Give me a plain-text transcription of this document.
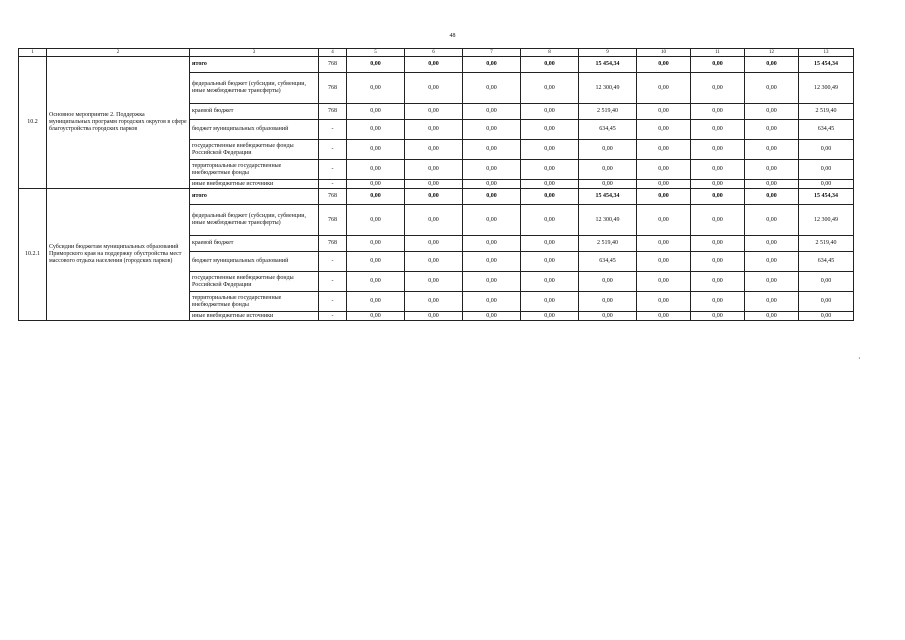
48
1	2	3	4	5	6	7	8	9	10	11	12	13
10.2	Основное мероприятие 2. Поддержка муниципальных программ городских округов в сфере благоустройства городских парков	итого	768	0,00	0,00	0,00	0,00	15 454,34	0,00	0,00	0,00	15 454,34
		федеральный бюджет (субсидии, субвенции, иные межбюджетные трансферты)	768	0,00	0,00	0,00	0,00	12 300,49	0,00	0,00	0,00	12 300,49
		краевой бюджет	768	0,00	0,00	0,00	0,00	2 519,40	0,00	0,00	0,00	2 519,40
		бюджет муниципальных образований	-	0,00	0,00	0,00	0,00	634,45	0,00	0,00	0,00	634,45
		государственные внебюджетные фонды Российской Федерации	-	0,00	0,00	0,00	0,00	0,00	0,00	0,00	0,00	0,00
		территориальные государственные внебюджетные фонды	-	0,00	0,00	0,00	0,00	0,00	0,00	0,00	0,00	0,00
		иные внебюджетные источники	-	0,00	0,00	0,00	0,00	0,00	0,00	0,00	0,00	0,00
10.2.1	Субсидии бюджетам муниципальных образований Приморского края на поддержку обустройства мест массового отдыха населения (городских парков)	итого	768	0,00	0,00	0,00	0,00	15 454,34	0,00	0,00	0,00	15 454,34
		федеральный бюджет (субсидии, субвенции, иные межбюджетные трансферты)	768	0,00	0,00	0,00	0,00	12 300,49	0,00	0,00	0,00	12 300,49
		краевой бюджет	768	0,00	0,00	0,00	0,00	2 519,40	0,00	0,00	0,00	2 519,40
		бюджет муниципальных образований	-	0,00	0,00	0,00	0,00	634,45	0,00	0,00	0,00	634,45
		государственные внебюджетные фонды Российской Федерации	-	0,00	0,00	0,00	0,00	0,00	0,00	0,00	0,00	0,00
		территориальные государственные внебюджетные фонды	-	0,00	0,00	0,00	0,00	0,00	0,00	0,00	0,00	0,00
		иные внебюджетные источники	-	0,00	0,00	0,00	0,00	0,00	0,00	0,00	0,00	0,00
·
